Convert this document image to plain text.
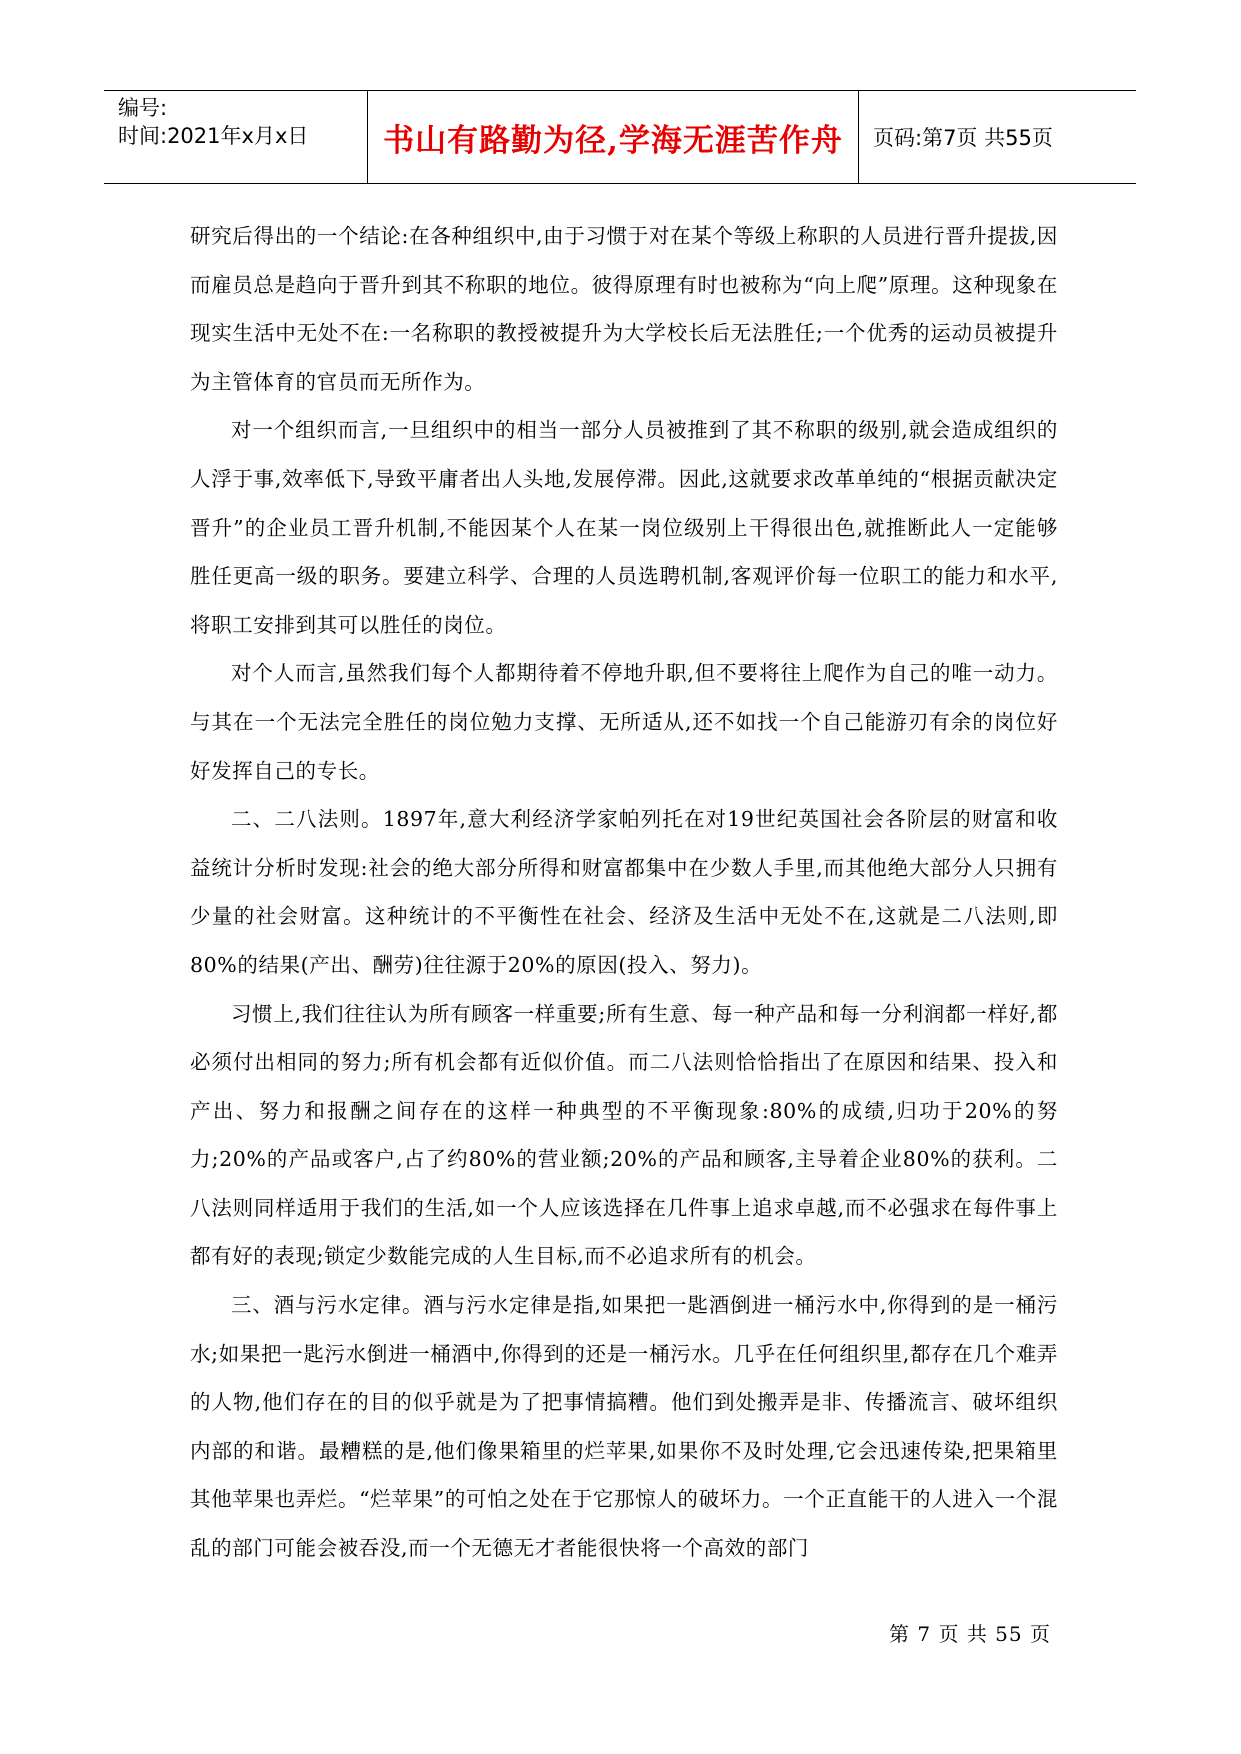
编号:
时间:2021年x月x日	书山有路勤为径,学海无涯苦作舟	页码:第7页 共55页

研究后得出的一个结论:在各种组织中,由于习惯于对在某个等级上称职的人员进行晋升提拔,因而雇员总是趋向于晋升到其不称职的地位。彼得原理有时也被称为“向上爬”原理。这种现象在现实生活中无处不在:一名称职的教授被提升为大学校长后无法胜任;一个优秀的运动员被提升为主管体育的官员而无所作为。

对一个组织而言,一旦组织中的相当一部分人员被推到了其不称职的级别,就会造成组织的人浮于事,效率低下,导致平庸者出人头地,发展停滞。因此,这就要求改革单纯的“根据贡献决定晋升”的企业员工晋升机制,不能因某个人在某一岗位级别上干得很出色,就推断此人一定能够胜任更高一级的职务。要建立科学、合理的人员选聘机制,客观评价每一位职工的能力和水平,将职工安排到其可以胜任的岗位。

对个人而言,虽然我们每个人都期待着不停地升职,但不要将往上爬作为自己的唯一动力。与其在一个无法完全胜任的岗位勉力支撑、无所适从,还不如找一个自己能游刃有余的岗位好好发挥自己的专长。

二、二八法则。1897年,意大利经济学家帕列托在对19世纪英国社会各阶层的财富和收益统计分析时发现:社会的绝大部分所得和财富都集中在少数人手里,而其他绝大部分人只拥有少量的社会财富。这种统计的不平衡性在社会、经济及生活中无处不在,这就是二八法则,即80%的结果(产出、酬劳)往往源于20%的原因(投入、努力)。

习惯上,我们往往认为所有顾客一样重要;所有生意、每一种产品和每一分利润都一样好,都必须付出相同的努力;所有机会都有近似价值。而二八法则恰恰指出了在原因和结果、投入和产出、努力和报酬之间存在的这样一种典型的不平衡现象:80%的成绩,归功于20%的努力;20%的产品或客户,占了约80%的营业额;20%的产品和顾客,主导着企业80%的获利。二八法则同样适用于我们的生活,如一个人应该选择在几件事上追求卓越,而不必强求在每件事上都有好的表现;锁定少数能完成的人生目标,而不必追求所有的机会。

三、酒与污水定律。酒与污水定律是指,如果把一匙酒倒进一桶污水中,你得到的是一桶污水;如果把一匙污水倒进一桶酒中,你得到的还是一桶污水。几乎在任何组织里,都存在几个难弄的人物,他们存在的目的似乎就是为了把事情搞糟。他们到处搬弄是非、传播流言、破坏组织内部的和谐。最糟糕的是,他们像果箱里的烂苹果,如果你不及时处理,它会迅速传染,把果箱里其他苹果也弄烂。“烂苹果”的可怕之处在于它那惊人的破坏力。一个正直能干的人进入一个混乱的部门可能会被吞没,而一个无德无才者能很快将一个高效的部门

第 7 页 共 55 页
